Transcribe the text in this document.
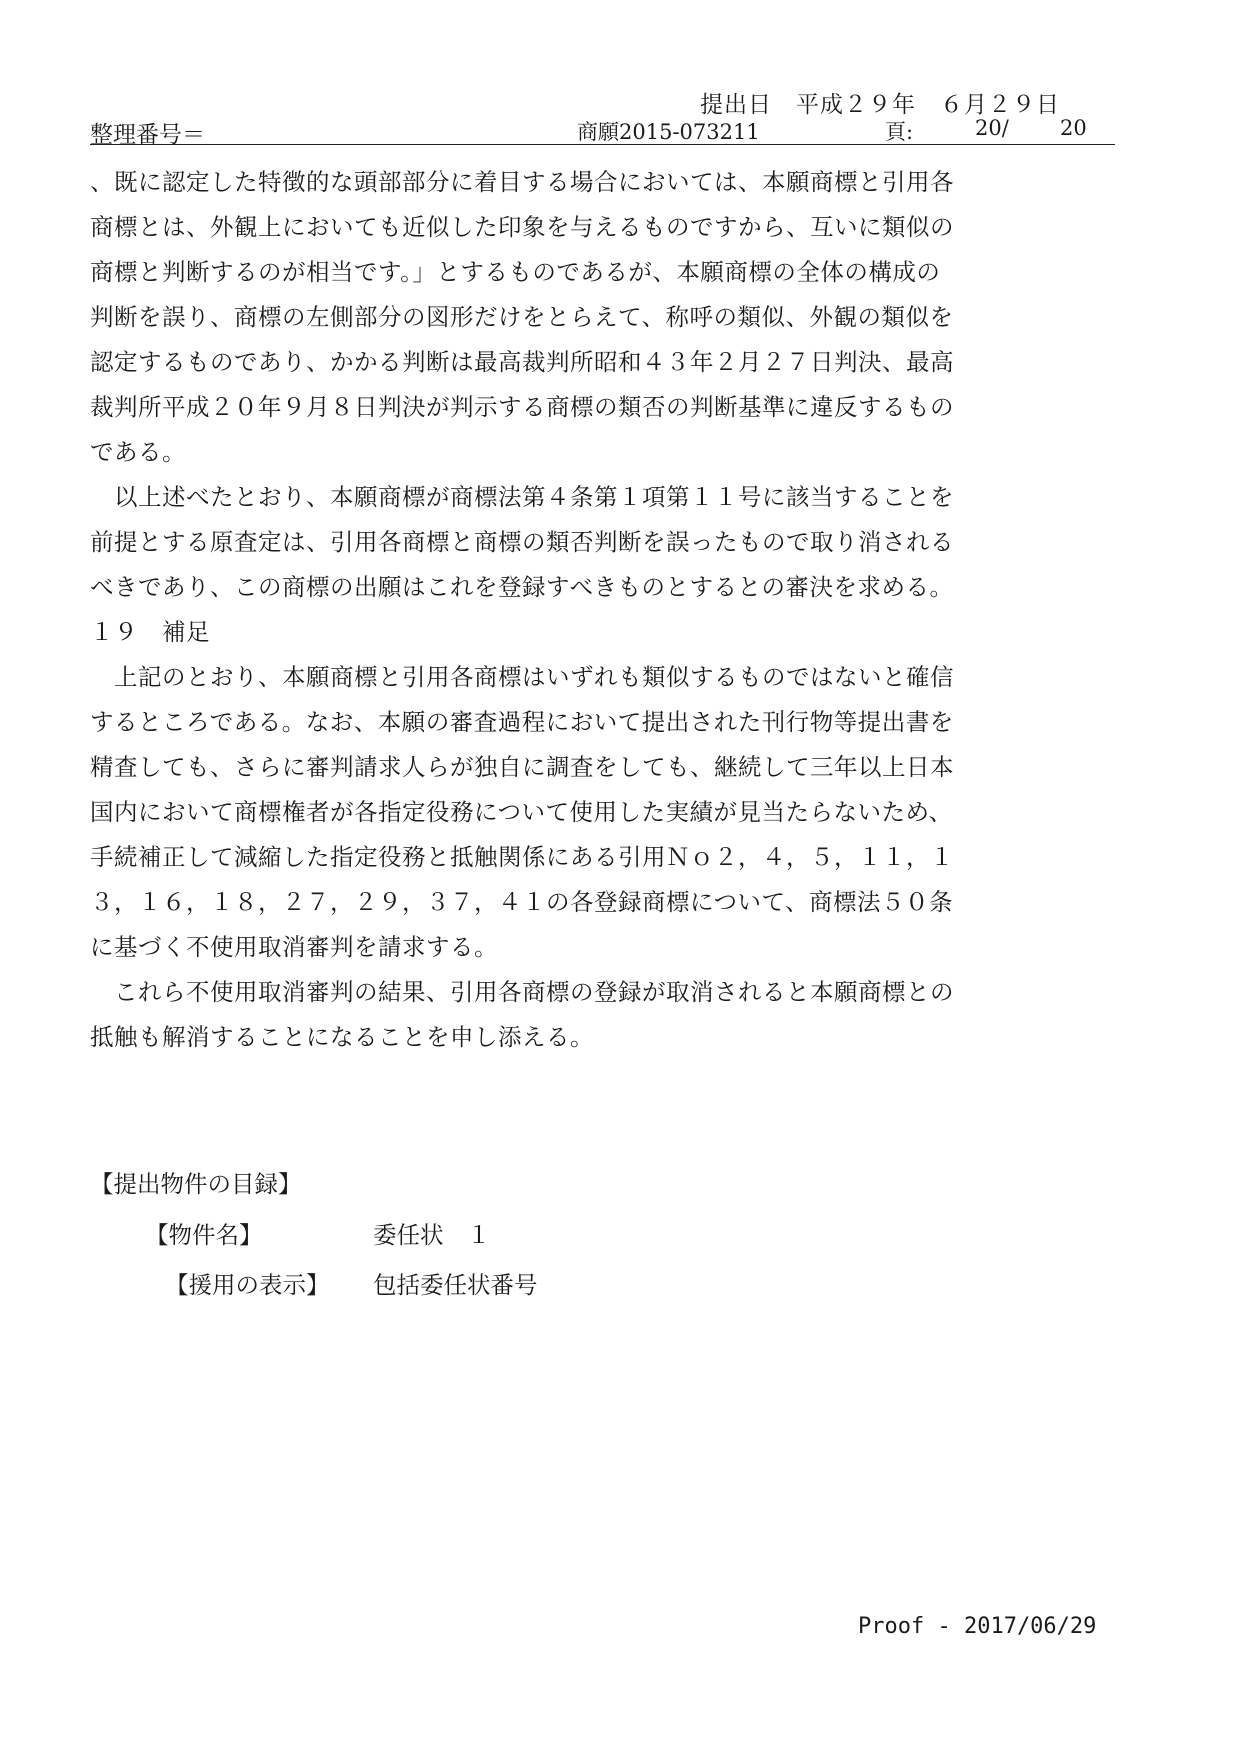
提出日　平成２９年　６月２９日
整理番号＝	商願2015-073211	頁:	20/ 20

、既に認定した特徴的な頭部部分に着目する場合においては、本願商標と引用各

商標とは、外観上においても近似した印象を与えるものですから、互いに類似の

商標と判断するのが相当です。」とするものであるが、本願商標の全体の構成の

判断を誤り、商標の左側部分の図形だけをとらえて、称呼の類似、外観の類似を

認定するものであり、かかる判断は最高裁判所昭和４３年２月２７日判決、最高

裁判所平成２０年９月８日判決が判示する商標の類否の判断基準に違反するもの

である。

　以上述べたとおり、本願商標が商標法第４条第１項第１１号に該当することを

前提とする原査定は、引用各商標と商標の類否判断を誤ったもので取り消される

べきであり、この商標の出願はこれを登録すべきものとするとの審決を求める。

１９　補足

　上記のとおり、本願商標と引用各商標はいずれも類似するものではないと確信

するところである。なお、本願の審査過程において提出された刊行物等提出書を

精査しても、さらに審判請求人らが独自に調査をしても、継続して三年以上日本

国内において商標権者が各指定役務について使用した実績が見当たらないため、

手続補正して減縮した指定役務と抵触関係にある引用Ｎｏ２，４，５，１１，１

３，１６，１８，２７，２９，３７，４１の各登録商標について、商標法５０条

に基づく不使用取消審判を請求する。

　これら不使用取消審判の結果、引用各商標の登録が取消されると本願商標との

抵触も解消することになることを申し添える。

【提出物件の目録】
【物件名】	委任状　１
【援用の表示】 包括委任状番号
Proof - 2017/06/29
